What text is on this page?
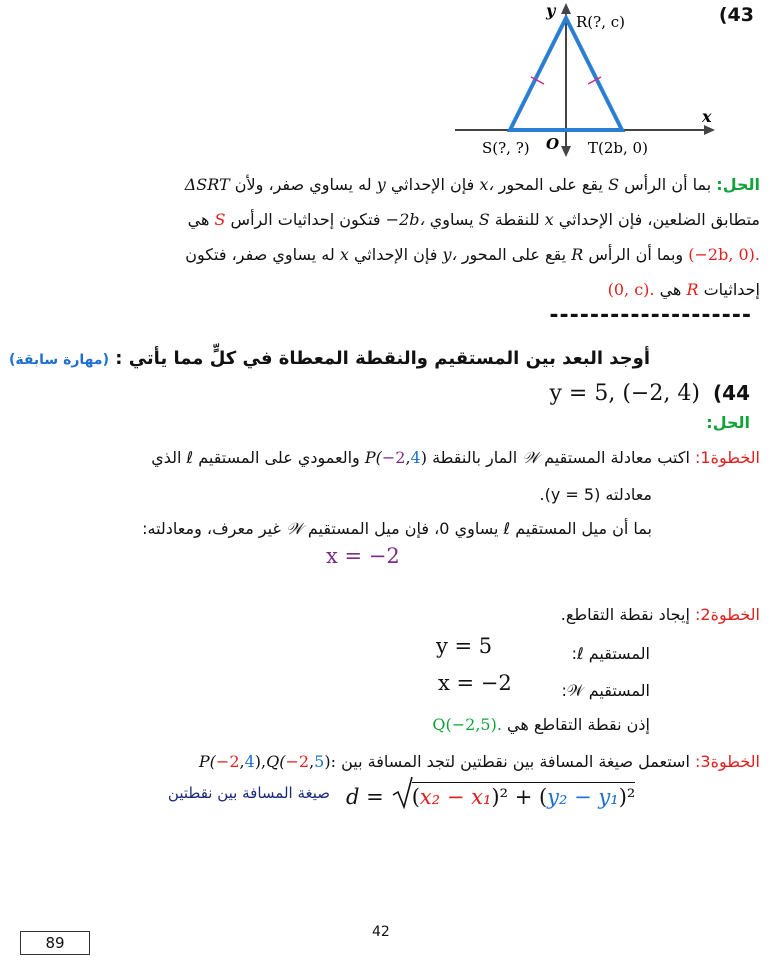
(43
y
x
O
R(?, c)
S(?, ?)	T(2b, 0)
الحل: بما أن الرأس S يقع على المحور x، فإن الإحداثي y له يساوي صفر، ولأن ΔSRT
متطابق الضلعين، فإن الإحداثي x للنقطة S يساوي −2b، فتكون إحداثيات الرأس S هي
(−2b, 0). وبما أن الرأس R يقع على المحور y، فإن الإحداثي x له يساوي صفر، فتكون
إحداثيات R هي (0, c).
--------------------
أوجد البعد بين المستقيم والنقطة المعطاة في كلٍّ مما يأتي : (مهارة سابقة)
y = 5, (−2, 4) (44
الحل:
الخطوة1: اكتب معادلة المستقيم 𝒲 المار بالنقطة P(−2,4) والعمودي على المستقيم ℓ الذي
معادلته (y = 5).
بما أن ميل المستقيم ℓ يساوي 0، فإن ميل المستقيم 𝒲 غير معرف، ومعادلته:
x = −2
الخطوة2: إيجاد نقطة التقاطع.
المستقيم ℓ:
y = 5
المستقيم 𝒲:
x = −2
إذن نقطة التقاطع هي Q(−2,5).
الخطوة3: استعمل صيغة المسافة بين نقطتين لتجد المسافة بين P(−2,4),Q(−2,5):
صيغة المسافة بين نقطتين d = (x₂ − x₁)² + (y₂ − y₁)²
42
89
